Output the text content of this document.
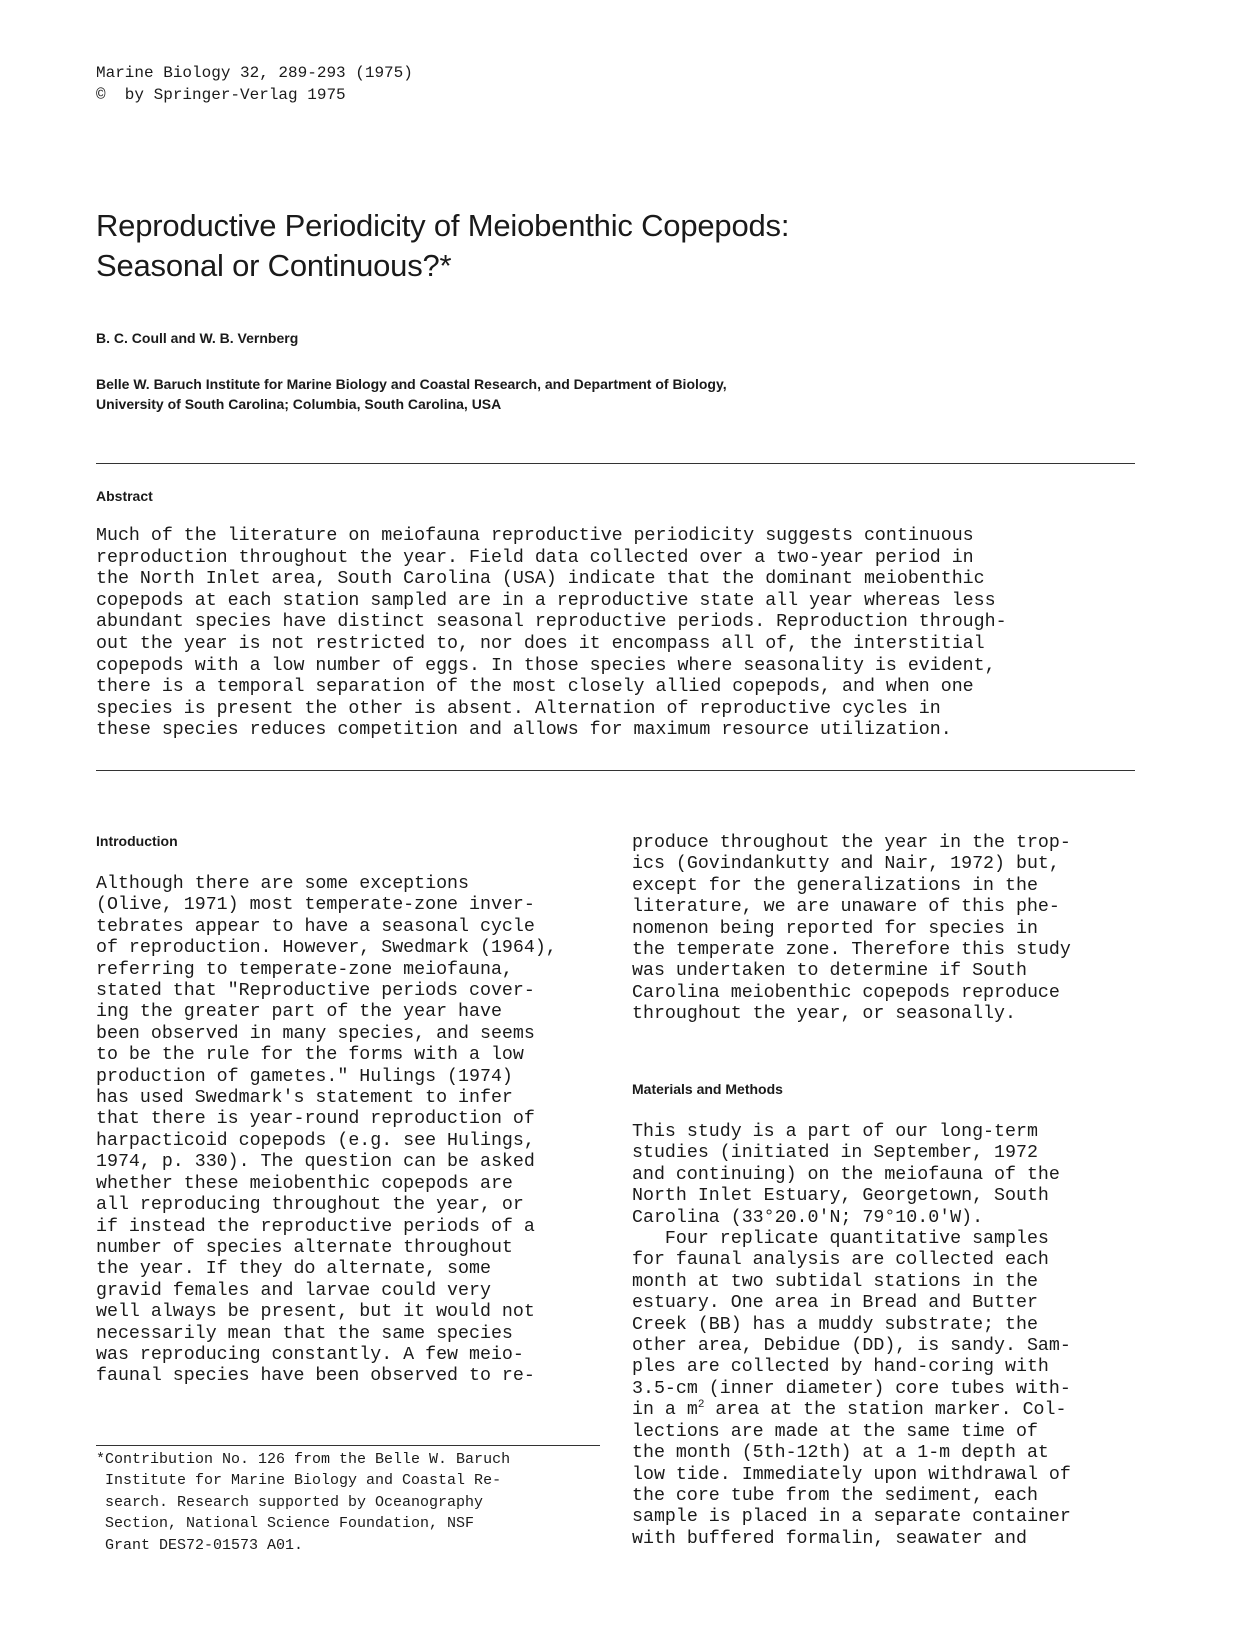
Marine Biology 32, 289-293 (1975)
©  by Springer-Verlag 1975
Reproductive Periodicity of Meiobenthic Copepods:
Seasonal or Continuous?*
B. C. Coull and W. B. Vernberg
Belle W. Baruch Institute for Marine Biology and Coastal Research, and Department of Biology,
University of South Carolina; Columbia, South Carolina, USA
Abstract
Much of the literature on meiofauna reproductive periodicity suggests continuous
reproduction throughout the year. Field data collected over a two-year period in
the North Inlet area, South Carolina (USA) indicate that the dominant meiobenthic
copepods at each station sampled are in a reproductive state all year whereas less
abundant species have distinct seasonal reproductive periods. Reproduction through-
out the year is not restricted to, nor does it encompass all of, the interstitial
copepods with a low number of eggs. In those species where seasonality is evident,
there is a temporal separation of the most closely allied copepods, and when one
species is present the other is absent. Alternation of reproductive cycles in
these species reduces competition and allows for maximum resource utilization.
Introduction
Although there are some exceptions
(Olive, 1971) most temperate-zone inver-
tebrates appear to have a seasonal cycle
of reproduction. However, Swedmark (1964),
referring to temperate-zone meiofauna,
stated that "Reproductive periods cover-
ing the greater part of the year have
been observed in many species, and seems
to be the rule for the forms with a low
production of gametes." Hulings (1974)
has used Swedmark's statement to infer
that there is year-round reproduction of
harpacticoid copepods (e.g. see Hulings,
1974, p. 330). The question can be asked
whether these meiobenthic copepods are
all reproducing throughout the year, or
if instead the reproductive periods of a
number of species alternate throughout
the year. If they do alternate, some
gravid females and larvae could very
well always be present, but it would not
necessarily mean that the same species
was reproducing constantly. A few meio-
faunal species have been observed to re-
produce throughout the year in the trop-
ics (Govindankutty and Nair, 1972) but,
except for the generalizations in the
literature, we are unaware of this phe-
nomenon being reported for species in
the temperate zone. Therefore this study
was undertaken to determine if South
Carolina meiobenthic copepods reproduce
throughout the year, or seasonally.
Materials and Methods
This study is a part of our long-term
studies (initiated in September, 1972
and continuing) on the meiofauna of the
North Inlet Estuary, Georgetown, South
Carolina (33°20.0'N; 79°10.0'W).
Four replicate quantitative samples
for faunal analysis are collected each
month at two subtidal stations in the
estuary. One area in Bread and Butter
Creek (BB) has a muddy substrate; the
other area, Debidue (DD), is sandy. Sam-
ples are collected by hand-coring with
3.5-cm (inner diameter) core tubes with-
in a $m^2$ area at the station marker. Col-
lections are made at the same time of
the month (5th-12th) at a 1-m depth at
low tide. Immediately upon withdrawal of
the core tube from the sediment, each
sample is placed in a separate container
with buffered formalin, seawater and
*Contribution No. 126 from the Belle W. Baruch
Institute for Marine Biology and Coastal Re-
search. Research supported by Oceanography
Section, National Science Foundation, NSF
Grant DES72-01573 A01.
